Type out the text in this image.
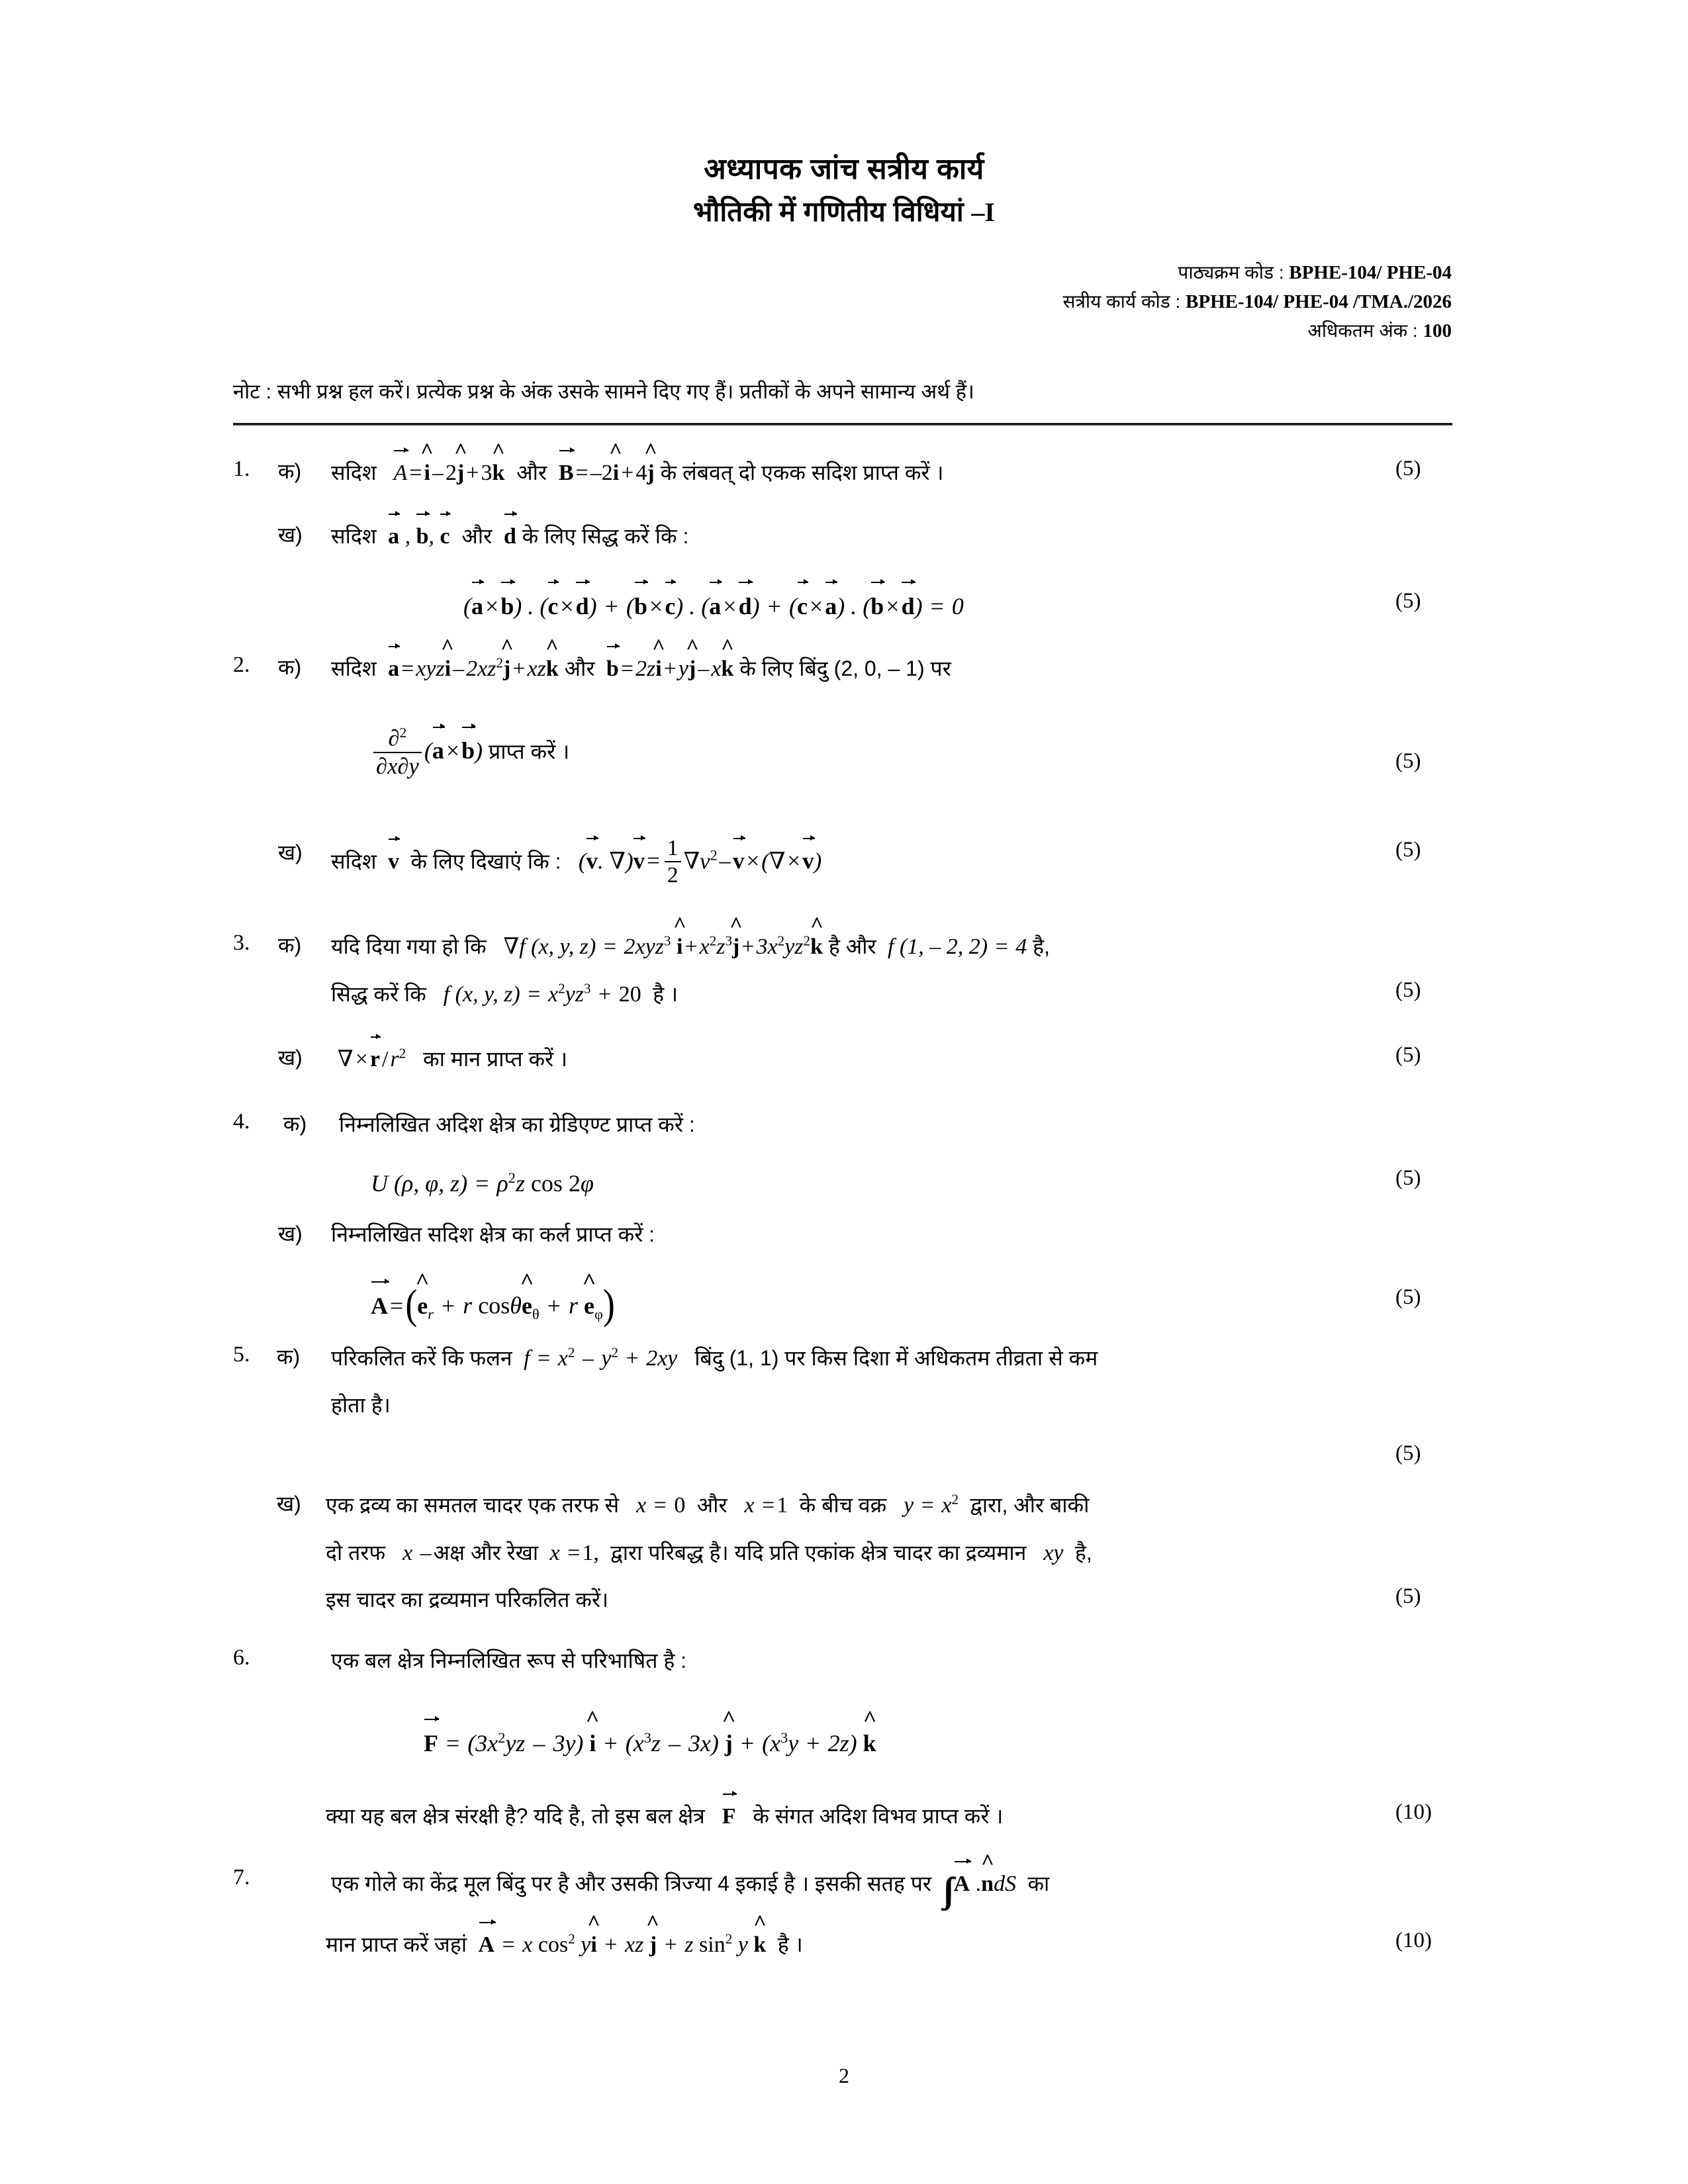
अध्यापक जांच सत्रीय कार्य
भौतिकी में गणितीय विधियां –I
पाठ्यक्रम कोड : BPHE-104/ PHE-04
सत्रीय कार्य कोड : BPHE-104/ PHE-04 /TMA./2026
अधिकतम अंक : 100
नोट : सभी प्रश्न हल करें। प्रत्येक प्रश्न के अंक उसके सामने दिए गए हैं। प्रतीकों के अपने सामान्य अर्थ हैं।
1.	क) सदिश A=i ^–2j ^+3k ^  और  B=–2i ^+4j ^ के लंबवत् दो एकक सदिश प्राप्त करें ।	(5)
ख) सदिश a , b, c  और  d के लिए सिद्ध करें कि :
(a×b) . (c×d) + (b×c) . (a×d) + (c×a) . (b×d) = 0	(5)
2.	क) सदिश a=xyzi $\^{}-2xz^2j$ ^+xzk ^ और b=2zi ^+yj ^–xk ^ के लिए बिंदु (2, 0, – 1) पर
$\frac{\partial^2}{\partial x\partial y} (a\times b)$ प्राप्त करें ।	(5)
ख) सदिश v के लिए दिखाएं कि :   (v. $\nabla)v= \frac{1}{2} \nabla v^2-v\times(\nabla\times v)$	(5)
3.	क) यदि दिया गया हो कि ∇f (x, y, z) = 2xyz$^3$ i $\^{}+x^2z^3j$ $\^{}+3x^2yz^2k$ ^ है और  f (1, – 2, 2) = 4 है,
सिद्ध करें कि   f (x, y, $z) = x^2yz^3 + 20$ है ।	(5)
ख) $\nabla\times r/r^2$ का मान प्राप्त करें ।	(5)
4.	क) निम्नलिखित अदिश क्षेत्र का ग्रेडिएण्ट प्राप्त करें :
U (ρ, φ, $z) = \rho^2z$ cos 2φ	(5)
ख) निम्नलिखित सदिश क्षेत्र का कर्ल प्राप्त करें :
A=(e $\^{}_r + r$ cosθe $\^{}_\theta + r$ e $\^{}_\varphi$)	(5)
5.	क) परिकलित करें कि फलन  $f = x^2 - y^2 + 2xy$   बिंदु (1, 1) पर किस दिशा में अधिकतम तीव्रता से कम
होता है।
(5)
ख) एक द्रव्य का समतल चादर एक तरफ से   x = 0 और   x =1 के बीच वक्र   $y = x^2$ द्वारा, और बाकी
दो तरफ   x –अक्ष और रेखा  x =1,  द्वारा परिबद्ध है। यदि प्रति एकांक क्षेत्र चादर का द्रव्यमान   xy  है,
इस चादर का द्रव्यमान परिकलित करें।	(5)
6.	एक बल क्षेत्र निम्नलिखित रूप से परिभाषित है :
$F = (3x^2yz - 3y)$ i ^ + $(x^3z - 3x)$ j ^ + $(x^3y + 2z)$ k ^
क्या यह बल क्षेत्र संरक्षी है? यदि है, तो इस बल क्षेत्र F के संगत अदिश विभव प्राप्त करें ।	(10)
7.	एक गोले का केंद्र मूल बिंदु पर है और उसकी त्रिज्या 4 इकाई है । इसकी सतह पर ∫∫ A .n ^dS का
मान प्राप्त करें जहां A = x $\cos^2$ yi ^ + xz j ^ + z $\sin^2 y$ k ^ है ।	(10)
2
